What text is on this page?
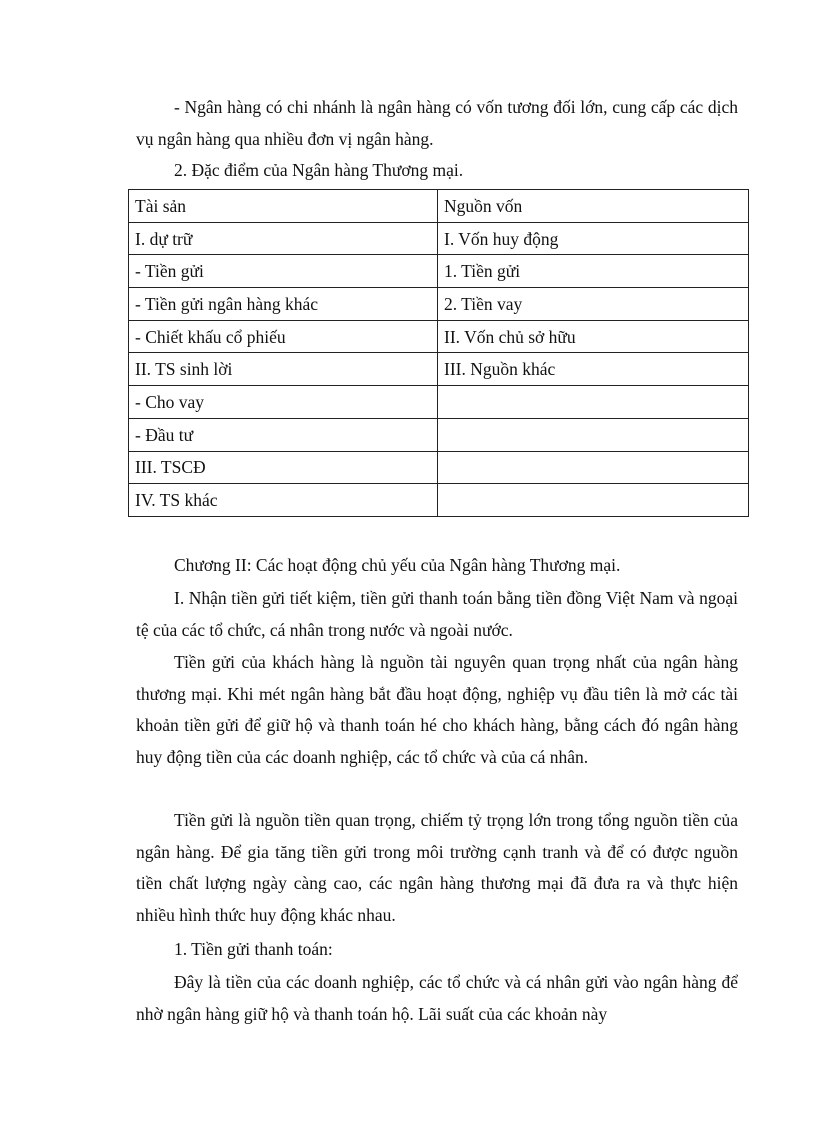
- Ngân hàng có chi nhánh là ngân hàng có vốn tương đối lớn, cung cấp các dịch vụ ngân hàng qua nhiều đơn vị ngân hàng.

2. Đặc điểm của Ngân hàng Thương mại.

Tài sản	Nguồn vốn
I. dự trữ	I. Vốn huy động
- Tiền gửi	1. Tiền gửi
- Tiền gửi ngân hàng khác	2. Tiền vay
- Chiết khấu cổ phiếu	II. Vốn chủ sở hữu
II. TS sinh lời	III. Nguồn khác
- Cho vay	
- Đầu tư	
III. TSCĐ	
IV. TS khác	

Chương II: Các hoạt động chủ yếu của Ngân hàng Thương mại.

I. Nhận tiền gửi tiết kiệm, tiền gửi thanh toán bằng tiền đồng Việt Nam và ngoại tệ của các tổ chức, cá nhân trong nước và ngoài nước.

Tiền gửi của khách hàng là nguồn tài nguyên quan trọng nhất của ngân hàng thương mại. Khi mét ngân hàng bắt đầu hoạt động, nghiệp vụ đầu tiên là mở các tài khoản tiền gửi để giữ hộ và thanh toán hé cho khách hàng, bằng cách đó ngân hàng huy động tiền của các doanh nghiệp, các tổ chức và của cá nhân.

Tiền gửi là nguồn tiền quan trọng, chiếm tỷ trọng lớn trong tổng nguồn tiền của ngân hàng. Để gia tăng tiền gửi trong môi trường cạnh tranh và để có được nguồn tiền chất lượng ngày càng cao, các ngân hàng thương mại đã đưa ra và thực hiện nhiều hình thức huy động khác nhau.

1. Tiền gửi thanh toán:

Đây là tiền của các doanh nghiệp, các tổ chức và cá nhân gửi vào ngân hàng để nhờ ngân hàng giữ hộ và thanh toán hộ. Lãi suất của các khoản này
